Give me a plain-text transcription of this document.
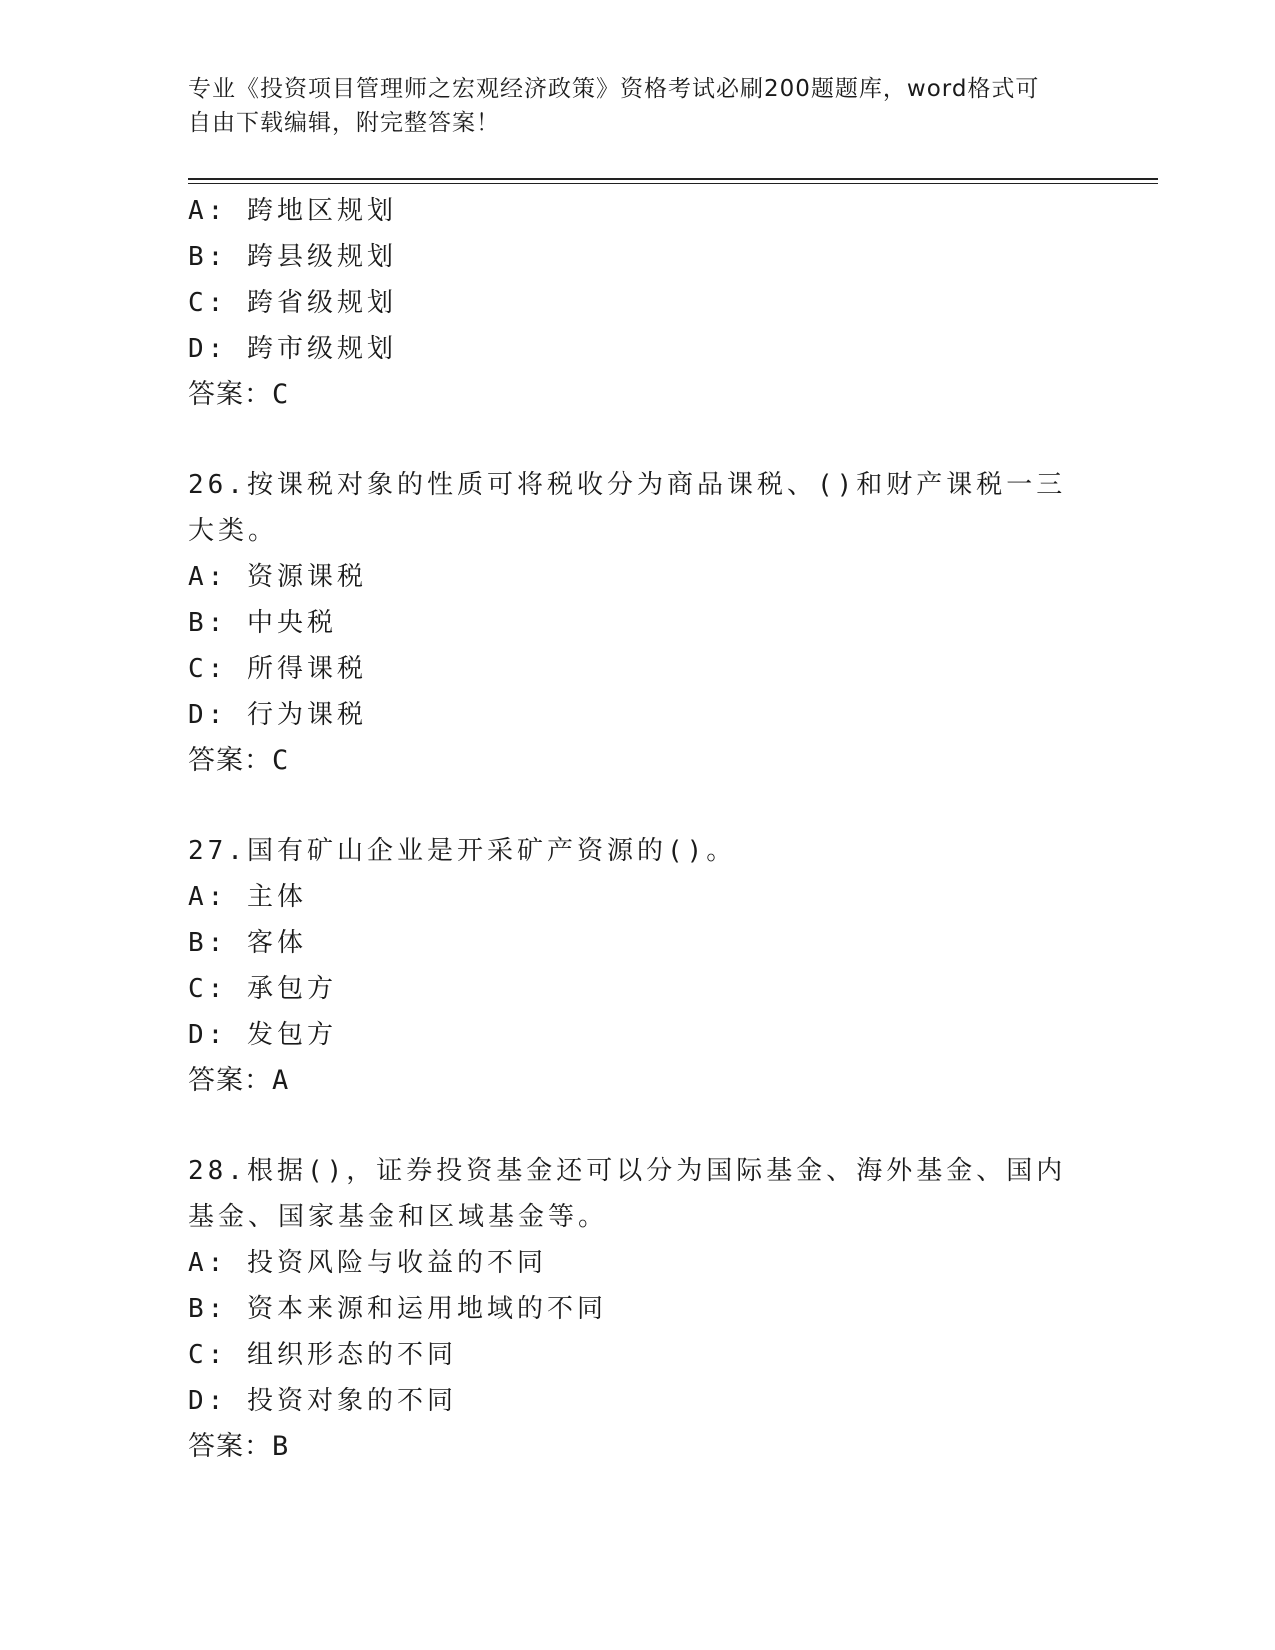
专业《投资项目管理师之宏观经济政策》资格考试必刷200题题库，word格式可
自由下载编辑，附完整答案！
A: 跨地区规划
B: 跨县级规划
C: 跨省级规划
D: 跨市级规划
答案：C
26.按课税对象的性质可将税收分为商品课税、()和财产课税一三大类。
A: 资源课税
B: 中央税
C: 所得课税
D: 行为课税
答案：C
27.国有矿山企业是开采矿产资源的()。
A: 主体
B: 客体
C: 承包方
D: 发包方
答案：A
28.根据()，证券投资基金还可以分为国际基金、海外基金、国内基金、国家基金和区域基金等。
A: 投资风险与收益的不同
B: 资本来源和运用地域的不同
C: 组织形态的不同
D: 投资对象的不同
答案：B
